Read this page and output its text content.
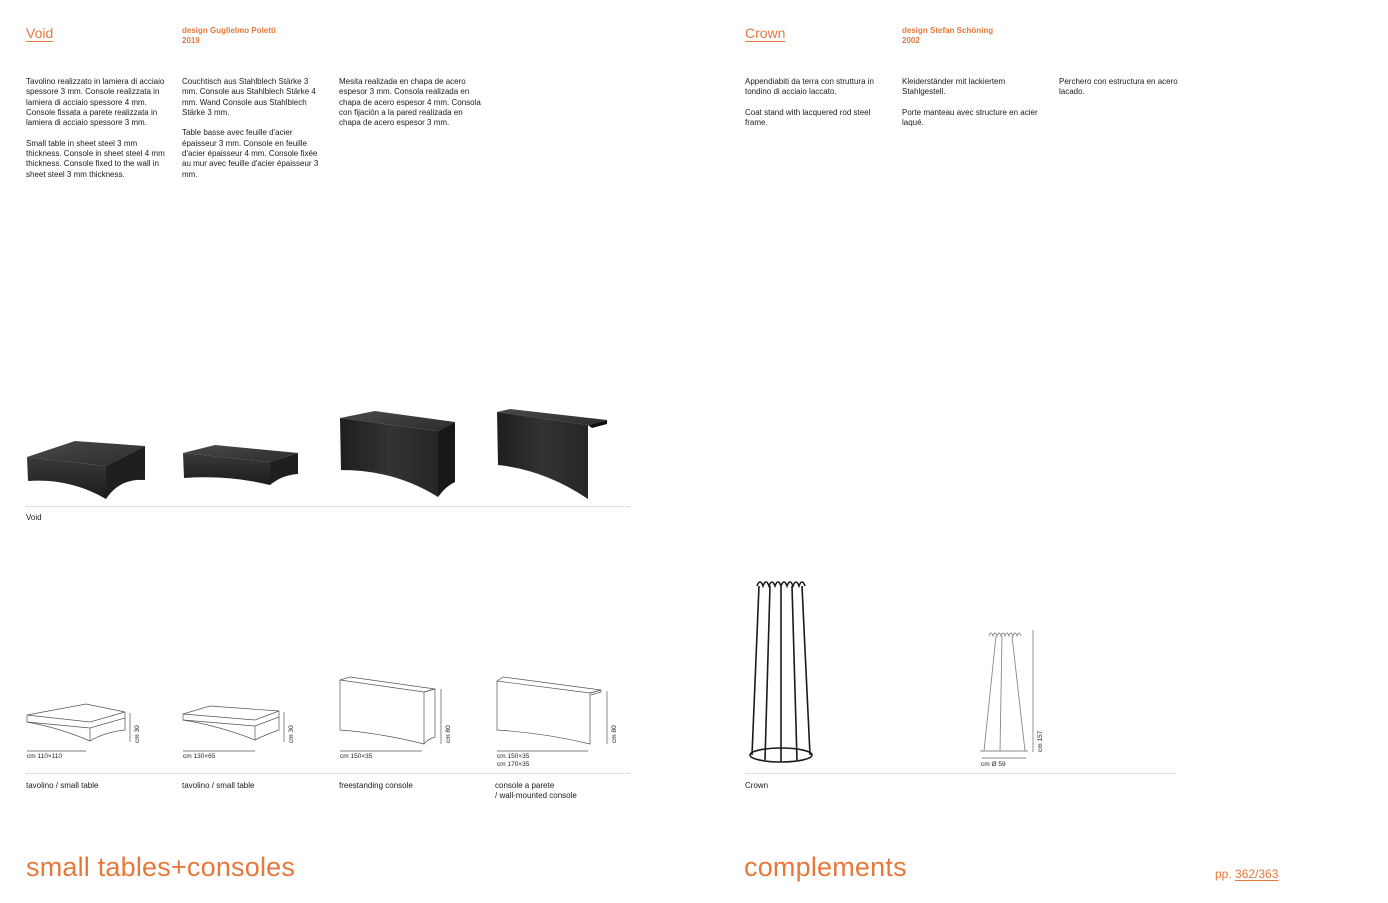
Void	design Guglielmo Poletti
2019
Tavolino realizzato in lamiera di acciaio spessore 3 mm. Console realizzata in lamiera di acciaio spessore 4 mm. Console fissata a parete realizzata in lamiera di acciaio spessore 3 mm.

Small table in sheet steel 3 mm thickness. Console in sheet steel 4 mm thickness. Console fixed to the wall in sheet steel 3 mm thickness.
Couchtisch aus Stahlblech Stärke 3 mm. Console aus Stahlblech Stärke 4 mm. Wand Console aus Stahlblech Stärke 3 mm.

Table basse avec feuille d'acier épaisseur 3 mm. Console en feuille d'acier épaisseur 4 mm. Console fixée au mur avec feuille d'acier épaisseur 3 mm.
Mesita realizada en chapa de acero espesor 3 mm. Consola realizada en chapa de acero espesor 4 mm. Consola con fijación a la pared realizada en chapa de acero espesor 3 mm.
Void
cm 110×110	cm 130×65	cm 150×35	cm 150×35
cm 170×35
cm 30	cm 30	cm 80	cm 80
tavolino / small table	tavolino / small table	freestanding console	console a parete
/ wall-mounted console
small tables+consoles
Crown	design Stefan Schöning
2002
Appendiabiti da terra con struttura in tondino di acciaio laccato.

Coat stand with lacquered rod steel frame.
Kleiderständer mit lackiertem Stahlgestell.

Porte manteau avec structure en acier laqué.
Perchero con estructura en acero lacado.
cm Ø 59
cm 157
Crown
complements	pp. 362/363
